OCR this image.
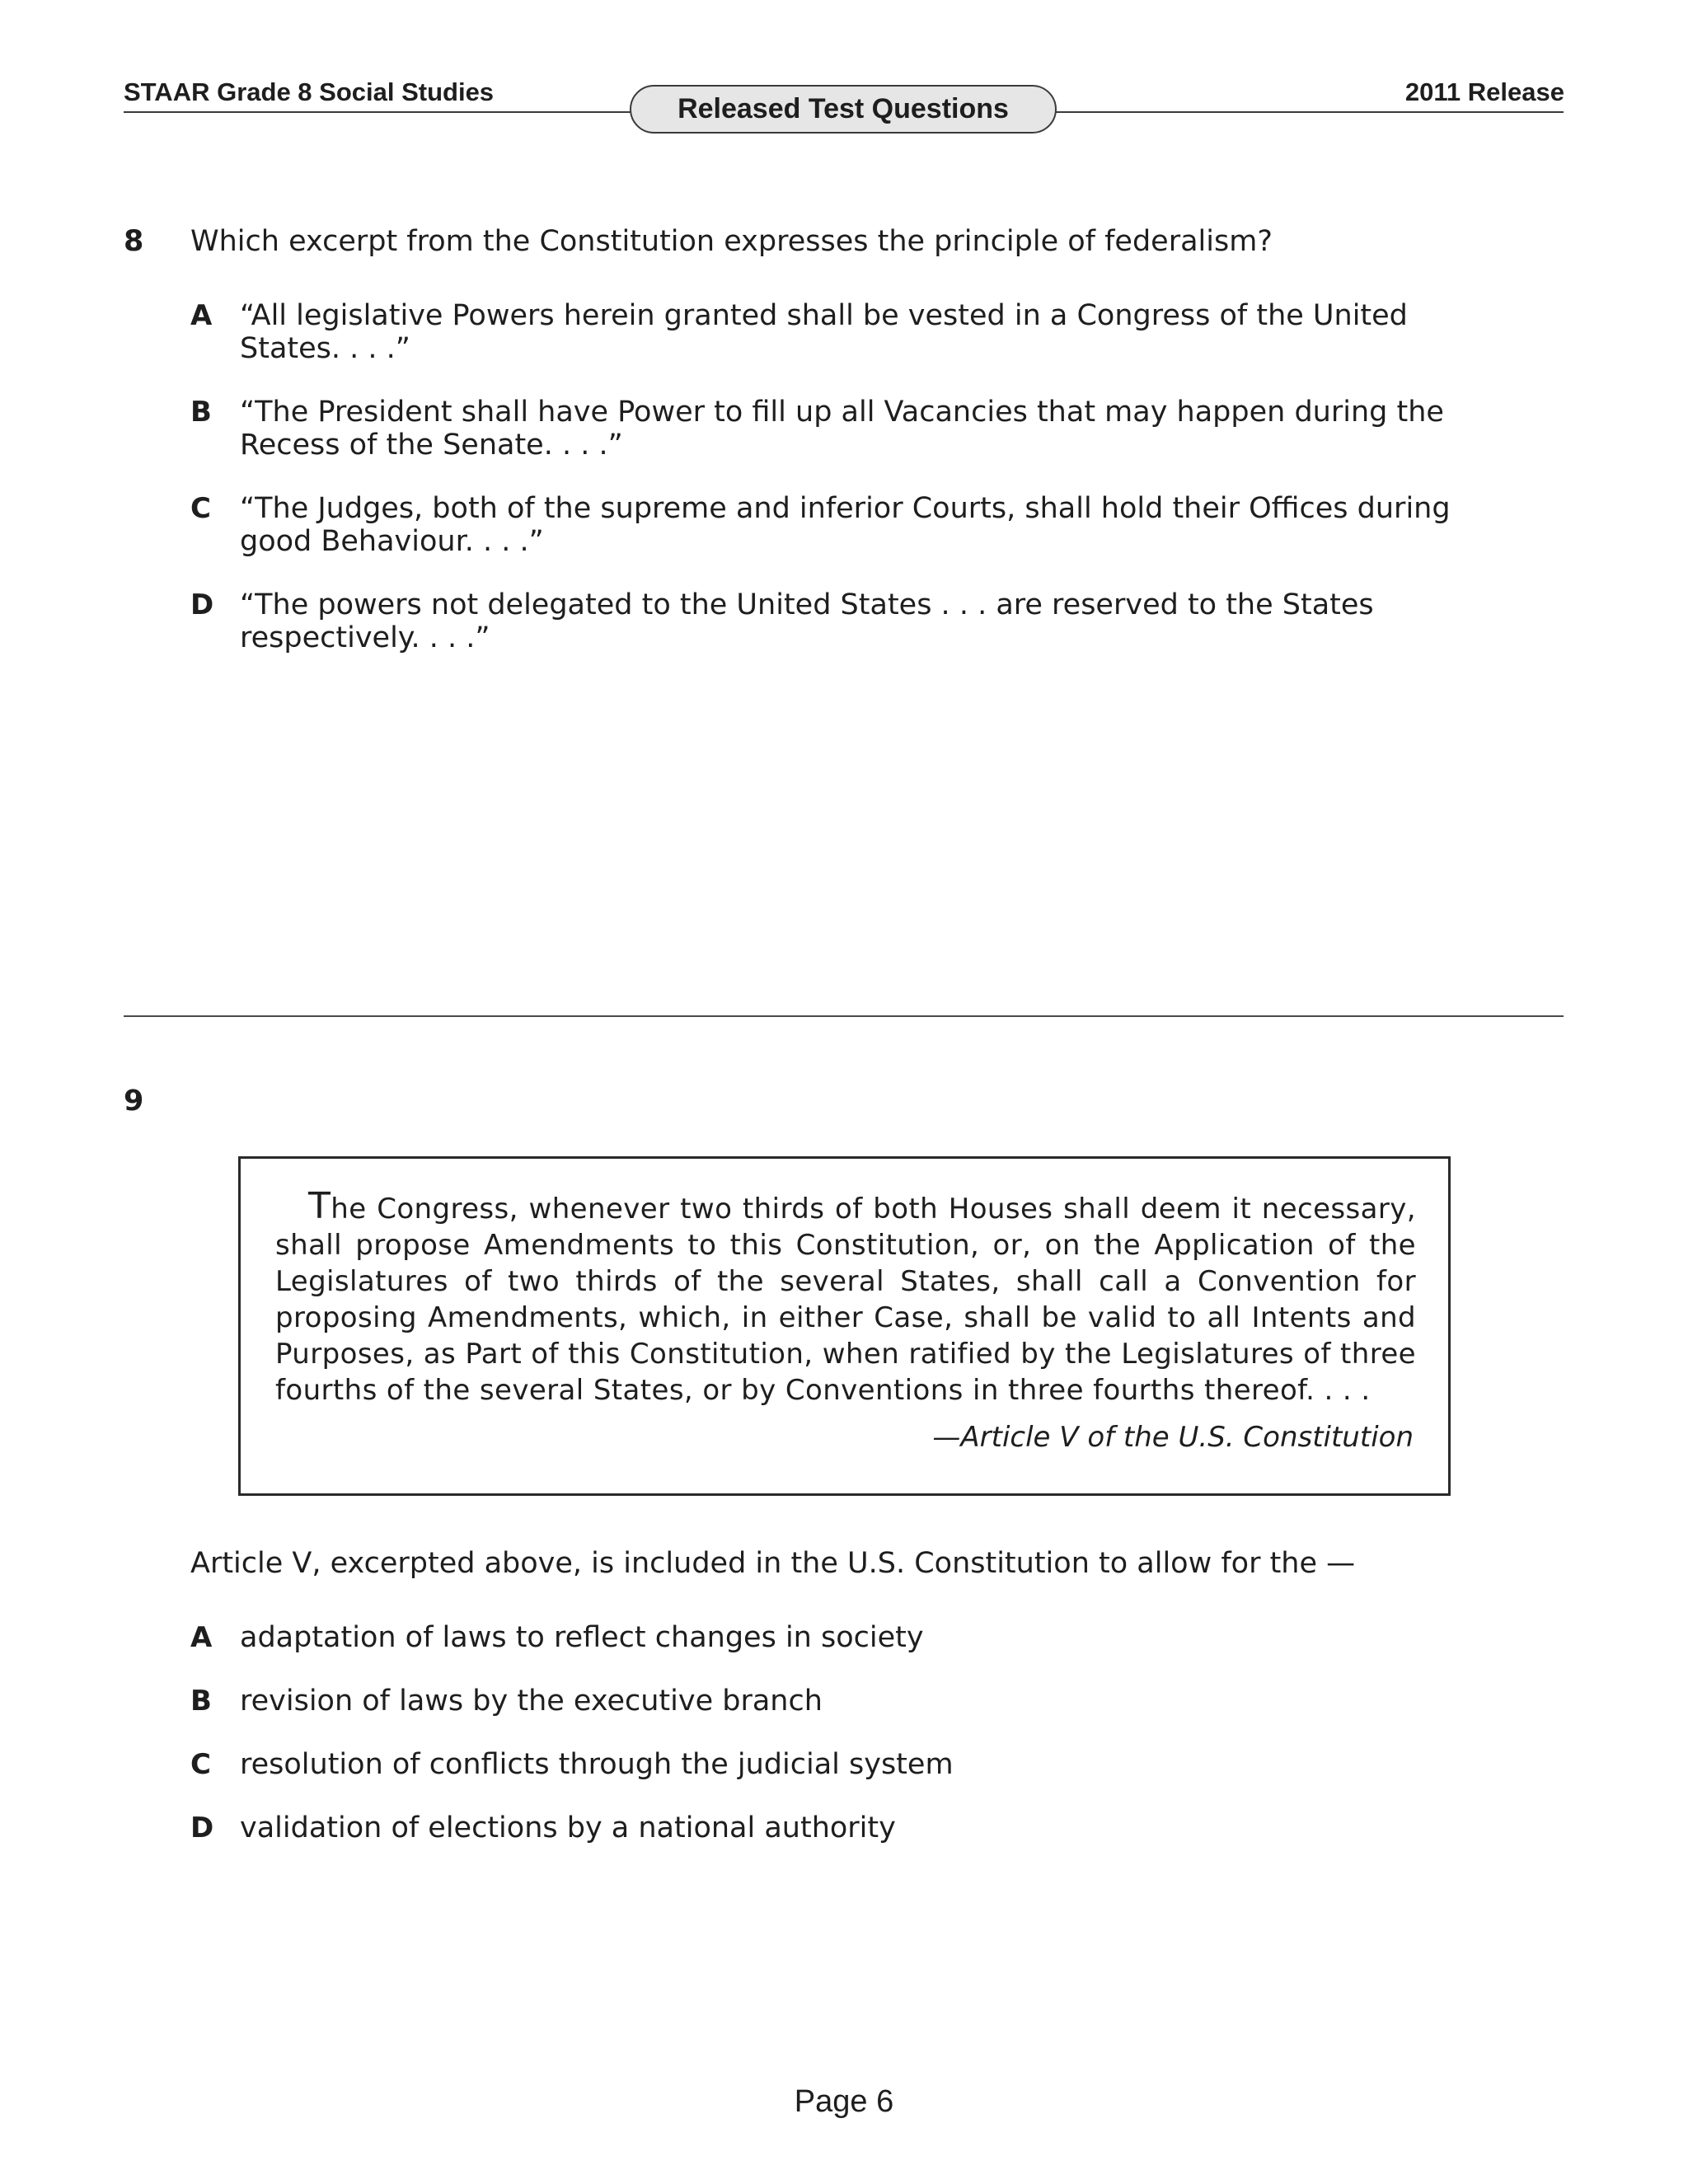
STAAR Grade 8 Social Studies	2011 Release
Released Test Questions
8 Which excerpt from the Constitution expresses the principle of federalism?
A “All legislative Powers herein granted shall be vested in a Congress of the United States. . . .”
B “The President shall have Power to fill up all Vacancies that may happen during the Recess of the Senate. . . .”
C “The Judges, both of the supreme and inferior Courts, shall hold their Offices during good Behaviour. . . .”
D “The powers not delegated to the United States . . . are reserved to the States respectively. . . .”
9
The Congress, whenever two thirds of both Houses shall deem it necessary, shall propose Amendments to this Constitution, or, on the Application of the Legislatures of two thirds of the several States, shall call a Convention for proposing Amendments, which, in either Case, shall be valid to all Intents and Purposes, as Part of this Constitution, when ratified by the Legislatures of three fourths of the several States, or by Conventions in three fourths thereof. . . .
—Article V of the U.S. Constitution
Article V, excerpted above, is included in the U.S. Constitution to allow for the —
A adaptation of laws to reflect changes in society
B revision of laws by the executive branch
C resolution of conflicts through the judicial system
D validation of elections by a national authority
Page 6
